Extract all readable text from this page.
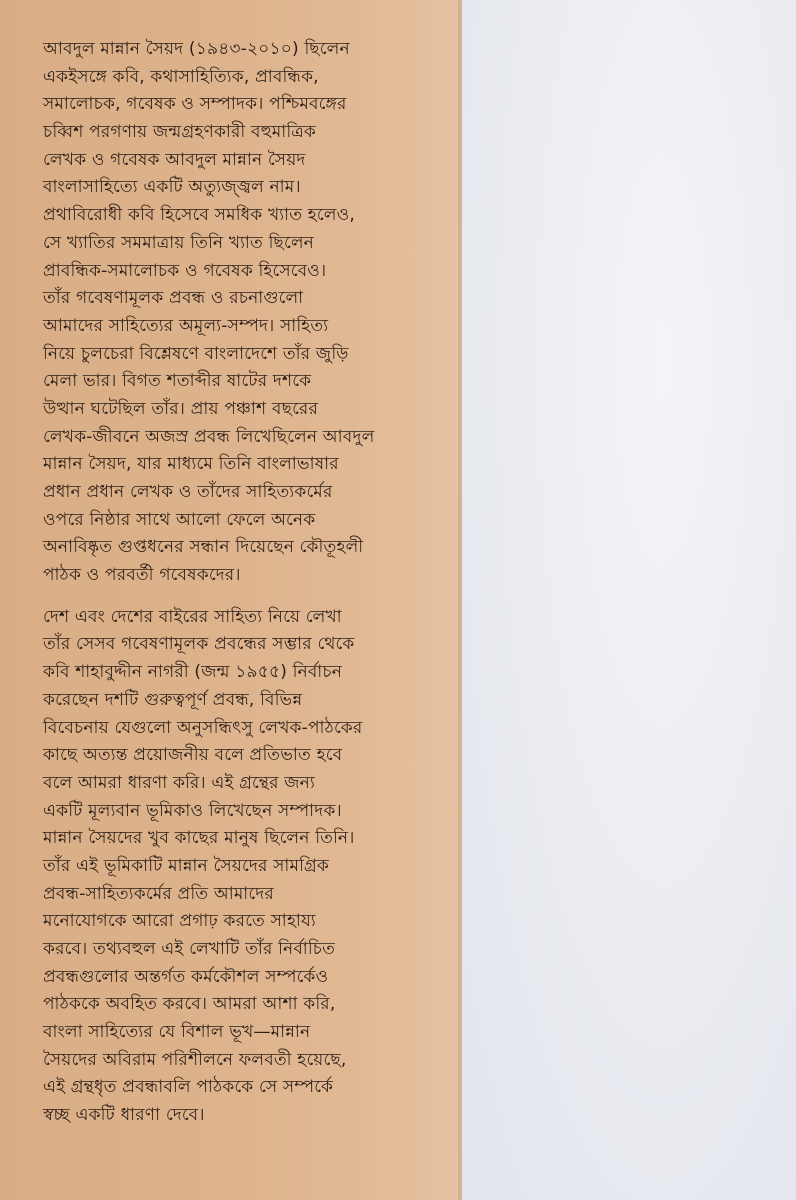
আবদুল মান্নান সৈয়দ (১৯৪৩-২০১০) ছিলেন
একইসঙ্গে কবি, কথাসাহিত্যিক, প্রাবন্ধিক,
সমালোচক, গবেষক ও সম্পাদক। পশ্চিমবঙ্গের
চব্বিশ পরগণায় জন্মগ্রহণকারী বহুমাত্রিক
লেখক ও গবেষক আবদুল মান্নান সৈয়দ
বাংলাসাহিত্যে একটি অত্যুজ্জ্বল নাম।
প্রথাবিরোধী কবি হিসেবে সমধিক খ্যাত হলেও,
সে খ্যাতির সমমাত্রায় তিনি খ্যাত ছিলেন
প্রাবন্ধিক-সমালোচক ও গবেষক হিসেবেও।
তাঁর গবেষণামূলক প্রবন্ধ ও রচনাগুলো
আমাদের সাহিত্যের অমূল্য-সম্পদ। সাহিত্য
নিয়ে চুলচেরা বিশ্লেষণে বাংলাদেশে তাঁর জুড়ি
মেলা ভার। বিগত শতাব্দীর ষাটের দশকে
উত্থান ঘটেছিল তাঁর। প্রায় পঞ্চাশ বছরের
লেখক-জীবনে অজস্র প্রবন্ধ লিখেছিলেন আবদুল
মান্নান সৈয়দ, যার মাধ্যমে তিনি বাংলাভাষার
প্রধান প্রধান লেখক ও তাঁদের সাহিত্যকর্মের
ওপরে নিষ্ঠার সাথে আলো ফেলে অনেক
অনাবিষ্কৃত গুপ্তধনের সন্ধান দিয়েছেন কৌতূহলী
পাঠক ও পরবর্তী গবেষকদের।
দেশ এবং দেশের বাইরের সাহিত্য নিয়ে লেখা
তাঁর সেসব গবেষণামূলক প্রবন্ধের সম্ভার থেকে
কবি শাহাবুদ্দীন নাগরী (জন্ম ১৯৫৫) নির্বাচন
করেছেন দশটি গুরুত্বপূর্ণ প্রবন্ধ, বিভিন্ন
বিবেচনায় যেগুলো অনুসন্ধিৎসু লেখক-পাঠকের
কাছে অত্যন্ত প্রয়োজনীয় বলে প্রতিভাত হবে
বলে আমরা ধারণা করি। এই গ্রন্থের জন্য
একটি মূল্যবান ভূমিকাও লিখেছেন সম্পাদক।
মান্নান সৈয়দের খুব কাছের মানুষ ছিলেন তিনি।
তাঁর এই ভূমিকাটি মান্নান সৈয়দের সামগ্রিক
প্রবন্ধ-সাহিত্যকর্মের প্রতি আমাদের
মনোযোগকে আরো প্রগাঢ় করতে সাহায্য
করবে। তথ্যবহুল এই লেখাটি তাঁর নির্বাচিত
প্রবন্ধগুলোর অন্তর্গত কর্মকৌশল সম্পর্কেও
পাঠককে অবহিত করবে। আমরা আশা করি,
বাংলা সাহিত্যের যে বিশাল ভূখ—মান্নান
সৈয়দের অবিরাম পরিশীলনে ফলবতী হয়েছে,
এই গ্রন্থধৃত প্রবন্ধাবলি পাঠককে সে সম্পর্কে
স্বচ্ছ একটি ধারণা দেবে।
